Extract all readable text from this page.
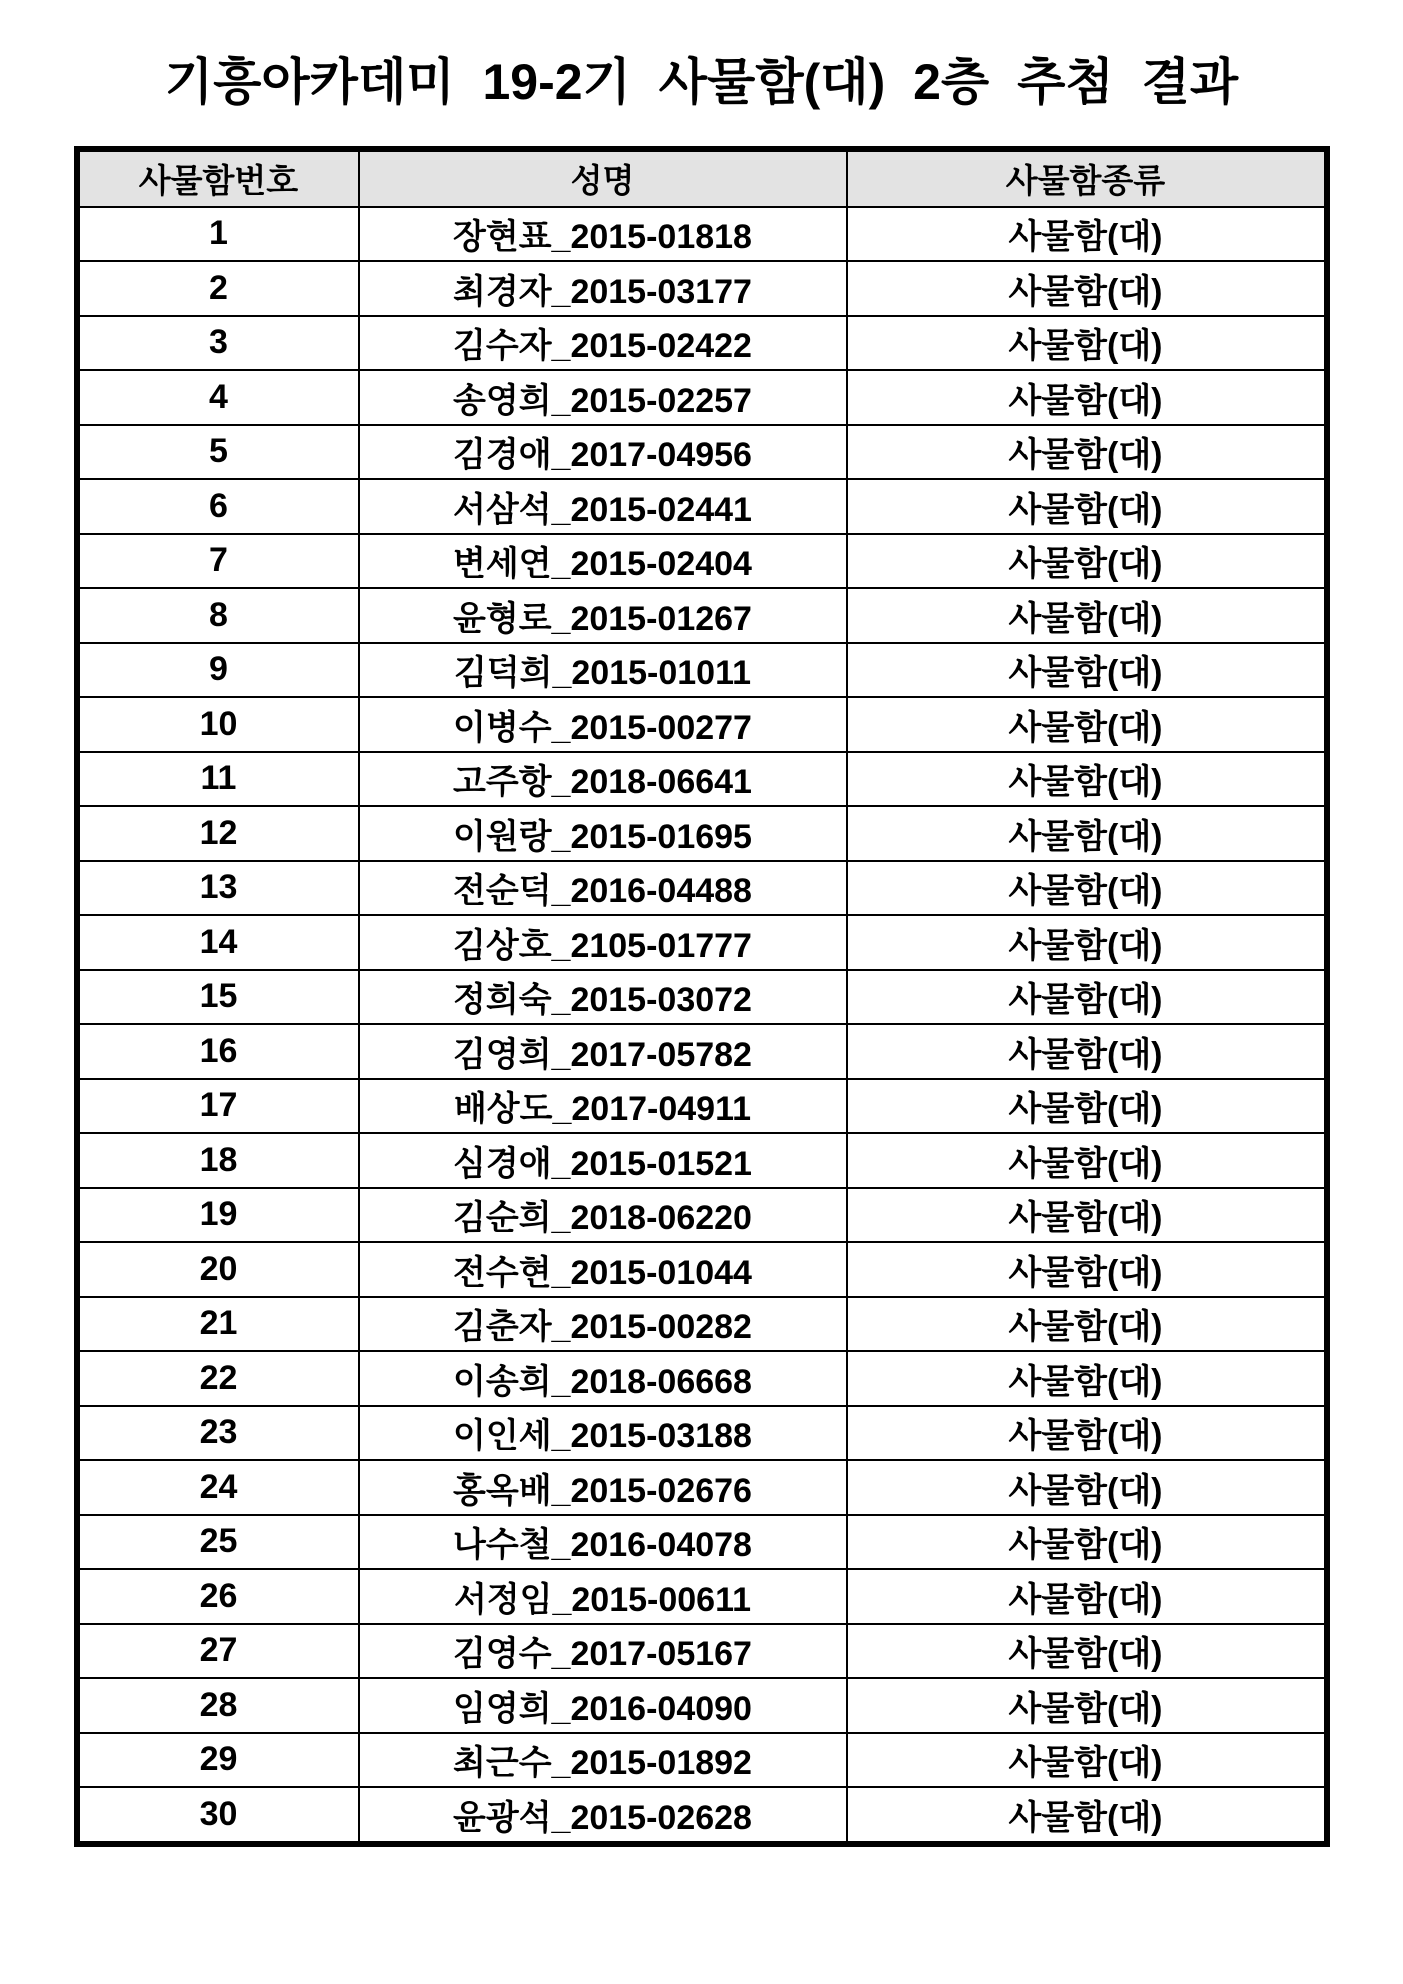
기흥아카데미 19-2기 사물함(대) 2층 추첨 결과
사물함번호	성명	사물함종류
1	장현표_2015-01818	사물함(대)
2	최경자_2015-03177	사물함(대)
3	김수자_2015-02422	사물함(대)
4	송영희_2015-02257	사물함(대)
5	김경애_2017-04956	사물함(대)
6	서삼석_2015-02441	사물함(대)
7	변세연_2015-02404	사물함(대)
8	윤형로_2015-01267	사물함(대)
9	김덕희_2015-01011	사물함(대)
10	이병수_2015-00277	사물함(대)
11	고주항_2018-06641	사물함(대)
12	이원랑_2015-01695	사물함(대)
13	전순덕_2016-04488	사물함(대)
14	김상호_2105-01777	사물함(대)
15	정희숙_2015-03072	사물함(대)
16	김영희_2017-05782	사물함(대)
17	배상도_2017-04911	사물함(대)
18	심경애_2015-01521	사물함(대)
19	김순희_2018-06220	사물함(대)
20	전수현_2015-01044	사물함(대)
21	김춘자_2015-00282	사물함(대)
22	이송희_2018-06668	사물함(대)
23	이인세_2015-03188	사물함(대)
24	홍옥배_2015-02676	사물함(대)
25	나수철_2016-04078	사물함(대)
26	서정임_2015-00611	사물함(대)
27	김영수_2017-05167	사물함(대)
28	임영희_2016-04090	사물함(대)
29	최근수_2015-01892	사물함(대)
30	윤광석_2015-02628	사물함(대)
